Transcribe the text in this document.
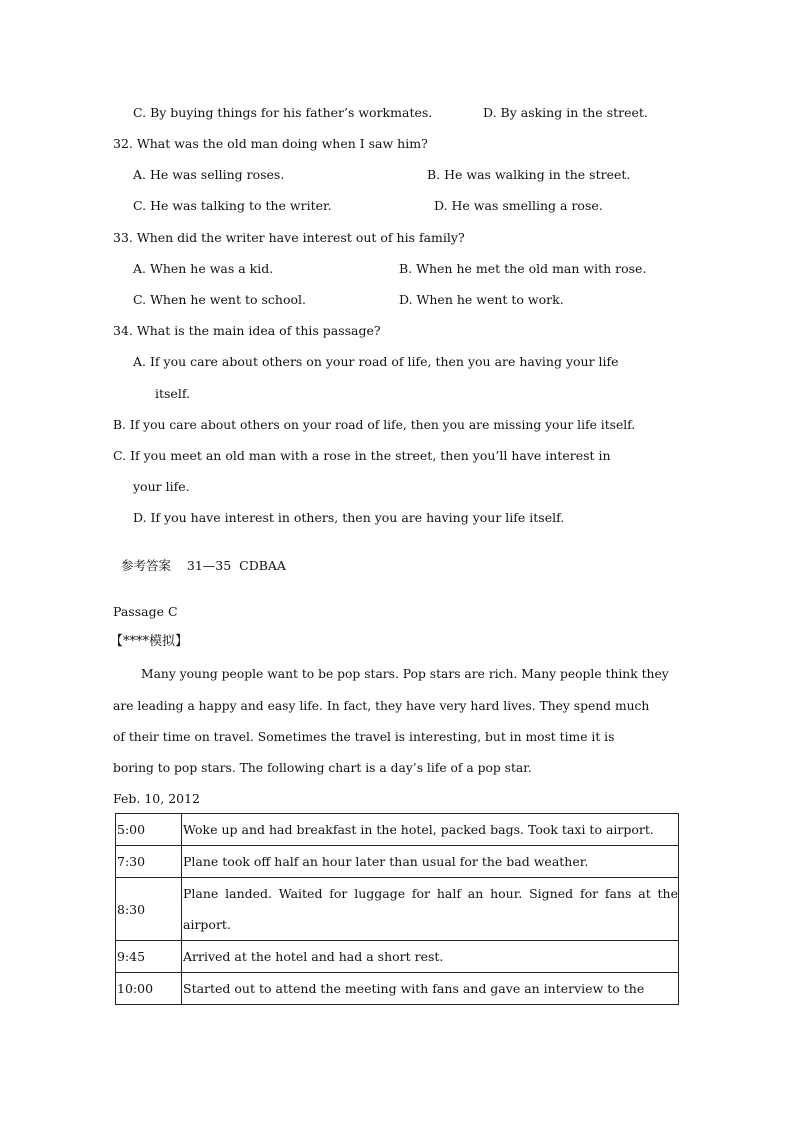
C. By buying things for his father’s workmates.	D. By asking in the street.
32. What was the old man doing when I saw him?
A. He was selling roses.	B. He was walking in the street.
C. He was talking to the writer.	D. He was smelling a rose.
33. When did the writer have interest out of his family?
A. When he was a kid.	B. When he met the old man with rose.
C. When he went to school.	D. When he went to work.
34. What is the main idea of this passage?
A. If you care about others on your road of life, then you are having your life
itself.
B. If you care about others on your road of life, then you are missing your life itself.
C. If you meet an old man with a rose in the street, then you’ll have interest in
your life.
D. If you have interest in others, then you are having your life itself.

参考答案 31—35  CDBAA

Passage C
【****模拟】
Many young people want to be pop stars. Pop stars are rich. Many people think they
are leading a happy and easy life. In fact, they have very hard lives. They spend much
of their time on travel. Sometimes the travel is interesting, but in most time it is
boring to pop stars. The following chart is a day’s life of a pop star.
Feb. 10, 2012
5:00	Woke up and had breakfast in the hotel, packed bags. Took taxi to airport.
7:30	Plane took off half an hour later than usual for the bad weather.
8:30	Plane landed. Waited for luggage for half an hour. Signed for fans at the
airport.

9:45	Arrived at the hotel and had a short rest.
10:00	Started out to attend the meeting with fans and gave an interview to the
